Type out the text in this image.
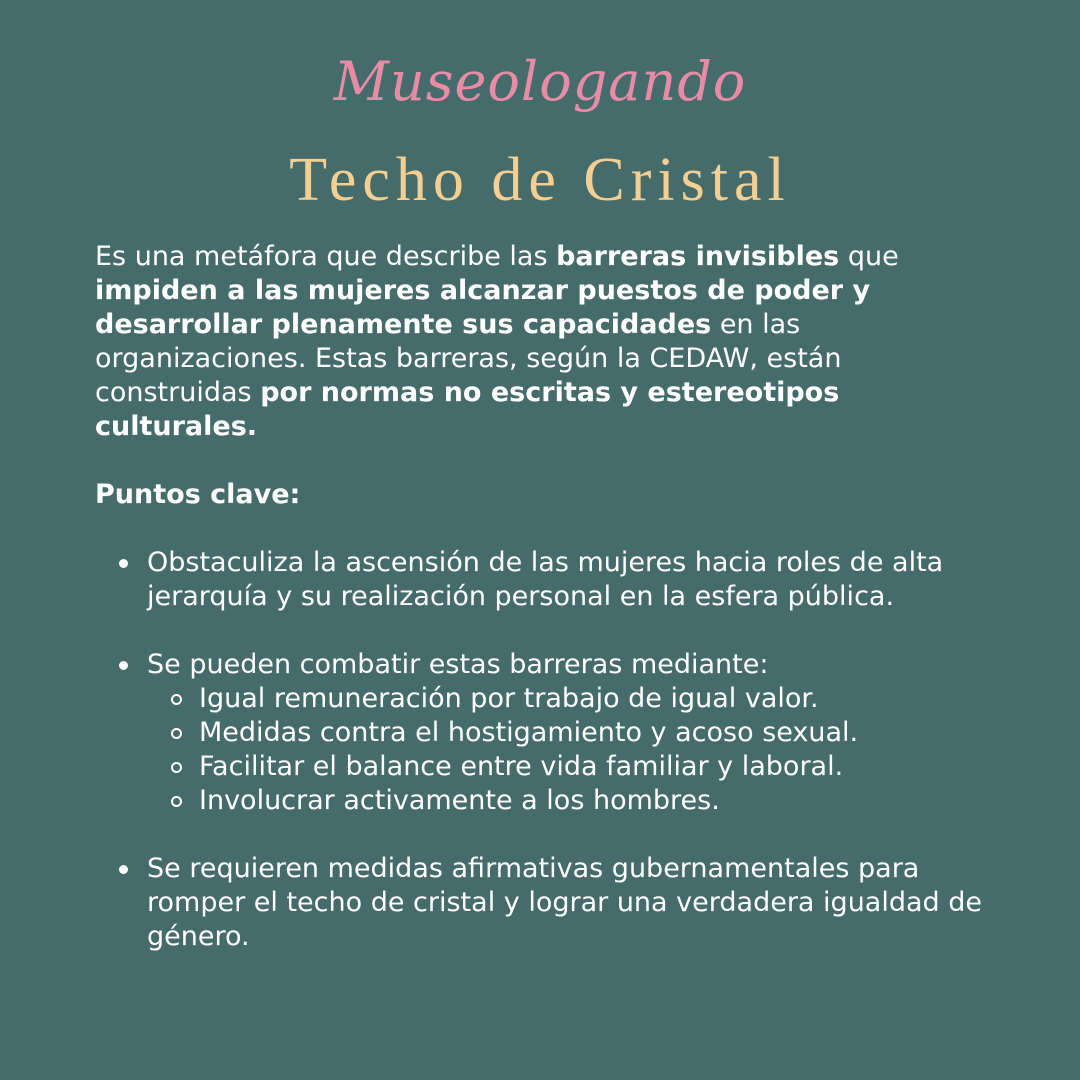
Museologando
Techo de Cristal

Es una metáfora que describe las barreras invisibles que impiden a las mujeres alcanzar puestos de poder y desarrollar plenamente sus capacidades en las organizaciones. Estas barreras, según la CEDAW, están construidas por normas no escritas y estereotipos culturales.

Puntos clave:

Obstaculiza la ascensión de las mujeres hacia roles de alta jerarquía y su realización personal en la esfera pública.
Se pueden combatir estas barreras mediante:
Igual remuneración por trabajo de igual valor.
Medidas contra el hostigamiento y acoso sexual.
Facilitar el balance entre vida familiar y laboral.
Involucrar activamente a los hombres.
Se requieren medidas afirmativas gubernamentales para romper el techo de cristal y lograr una verdadera igualdad de género.
